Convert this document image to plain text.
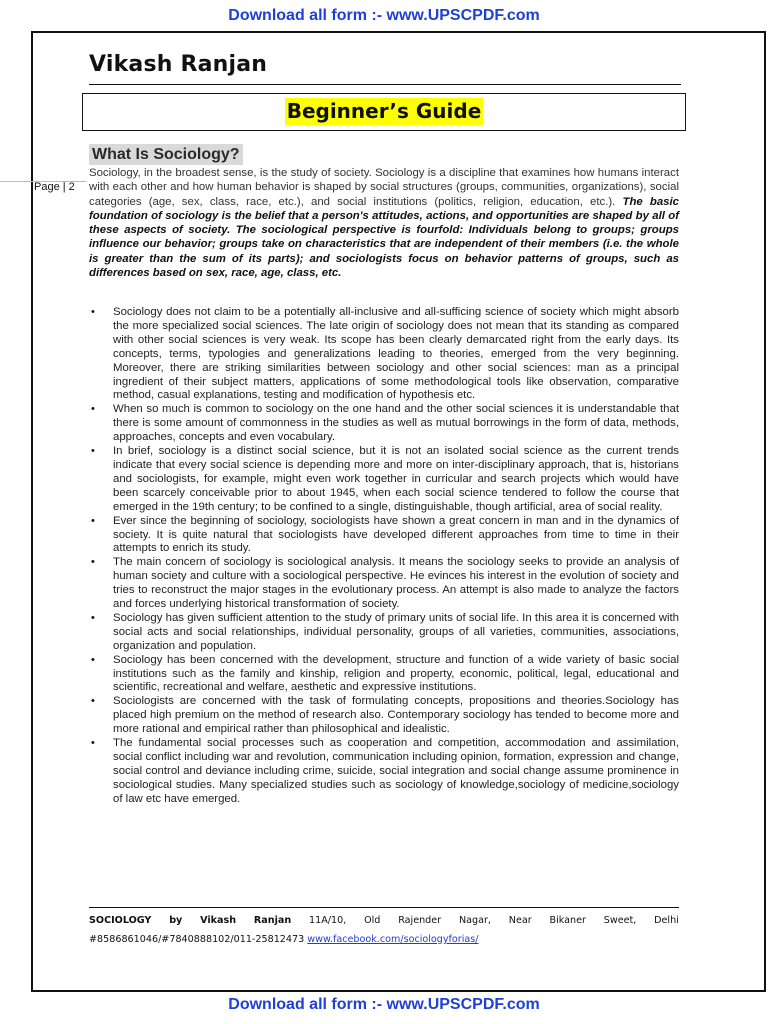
Download all form :- www.UPSCPDF.com
Vikash Ranjan
Beginner’s Guide
What Is Sociology?
Page | 2
Sociology, in the broadest sense, is the study of society. Sociology is a discipline that examines how humans interact with each other and how human behavior is shaped by social structures (groups, communities, organizations), social categories (age, sex, class, race, etc.), and social institutions (politics, religion, education, etc.). The basic foundation of sociology is the belief that a person's attitudes, actions, and opportunities are shaped by all of these aspects of society. The sociological perspective is fourfold: Individuals belong to groups; groups influence our behavior; groups take on characteristics that are independent of their members (i.e. the whole is greater than the sum of its parts); and sociologists focus on behavior patterns of groups, such as differences based on sex, race, age, class, etc.
• Sociology does not claim to be a potentially all-inclusive and all-sufficing science of society which might absorb the more specialized social sciences. The late origin of sociology does not mean that its standing as compared with other social sciences is very weak. Its scope has been clearly demarcated right from the early days. Its concepts, terms, typologies and generalizations leading to theories, emerged from the very beginning. Moreover, there are striking similarities between sociology and other social sciences: man as a principal ingredient of their subject matters, applications of some methodological tools like observation, comparative method, casual explanations, testing and modification of hypothesis etc.
• When so much is common to sociology on the one hand and the other social sciences it is understandable that there is some amount of commonness in the studies as well as mutual borrowings in the form of data, methods, approaches, concepts and even vocabulary.
• In brief, sociology is a distinct social science, but it is not an isolated social science as the current trends indicate that every social science is depending more and more on inter-disciplinary approach, that is, historians and sociologists, for example, might even work together in curricular and search projects which would have been scarcely conceivable prior to about 1945, when each social science tendered to follow the course that emerged in the 19th century; to be confined to a single, distinguishable, though artificial, area of social reality.
• Ever since the beginning of sociology, sociologists have shown a great concern in man and in the dynamics of society. It is quite natural that sociologists have developed different approaches from time to time in their attempts to enrich its study.
• The main concern of sociology is sociological analysis. It means the sociology seeks to provide an analysis of human society and culture with a sociological perspective. He evinces his interest in the evolution of society and tries to reconstruct the major stages in the evolutionary process. An attempt is also made to analyze the factors and forces underlying historical transformation of society.
• Sociology has given sufficient attention to the study of primary units of social life. In this area it is concerned with social acts and social relationships, individual personality, groups of all varieties, communities, associations, organization and population.
• Sociology has been concerned with the development, structure and function of a wide variety of basic social institutions such as the family and kinship, religion and property, economic, political, legal, educational and scientific, recreational and welfare, aesthetic and expressive institutions.
• Sociologists are concerned with the task of formulating concepts, propositions and theories.Sociology has placed high premium on the method of research also. Contemporary sociology has tended to become more and more rational and empirical rather than philosophical and idealistic.
• The fundamental social processes such as cooperation and competition, accommodation and assimilation, social conflict including war and revolution, communication including opinion, formation, expression and change, social control and deviance including crime, suicide, social integration and social change assume prominence in sociological studies. Many specialized studies such as sociology of knowledge,sociology of medicine,sociology of law etc have emerged.
SOCIOLOGY by Vikash Ranjan 11A/10, Old Rajender Nagar, Near Bikaner Sweet, Delhi
#8586861046/#7840888102/011-25812473 www.facebook.com/sociologyforias/
Download all form :- www.UPSCPDF.com
